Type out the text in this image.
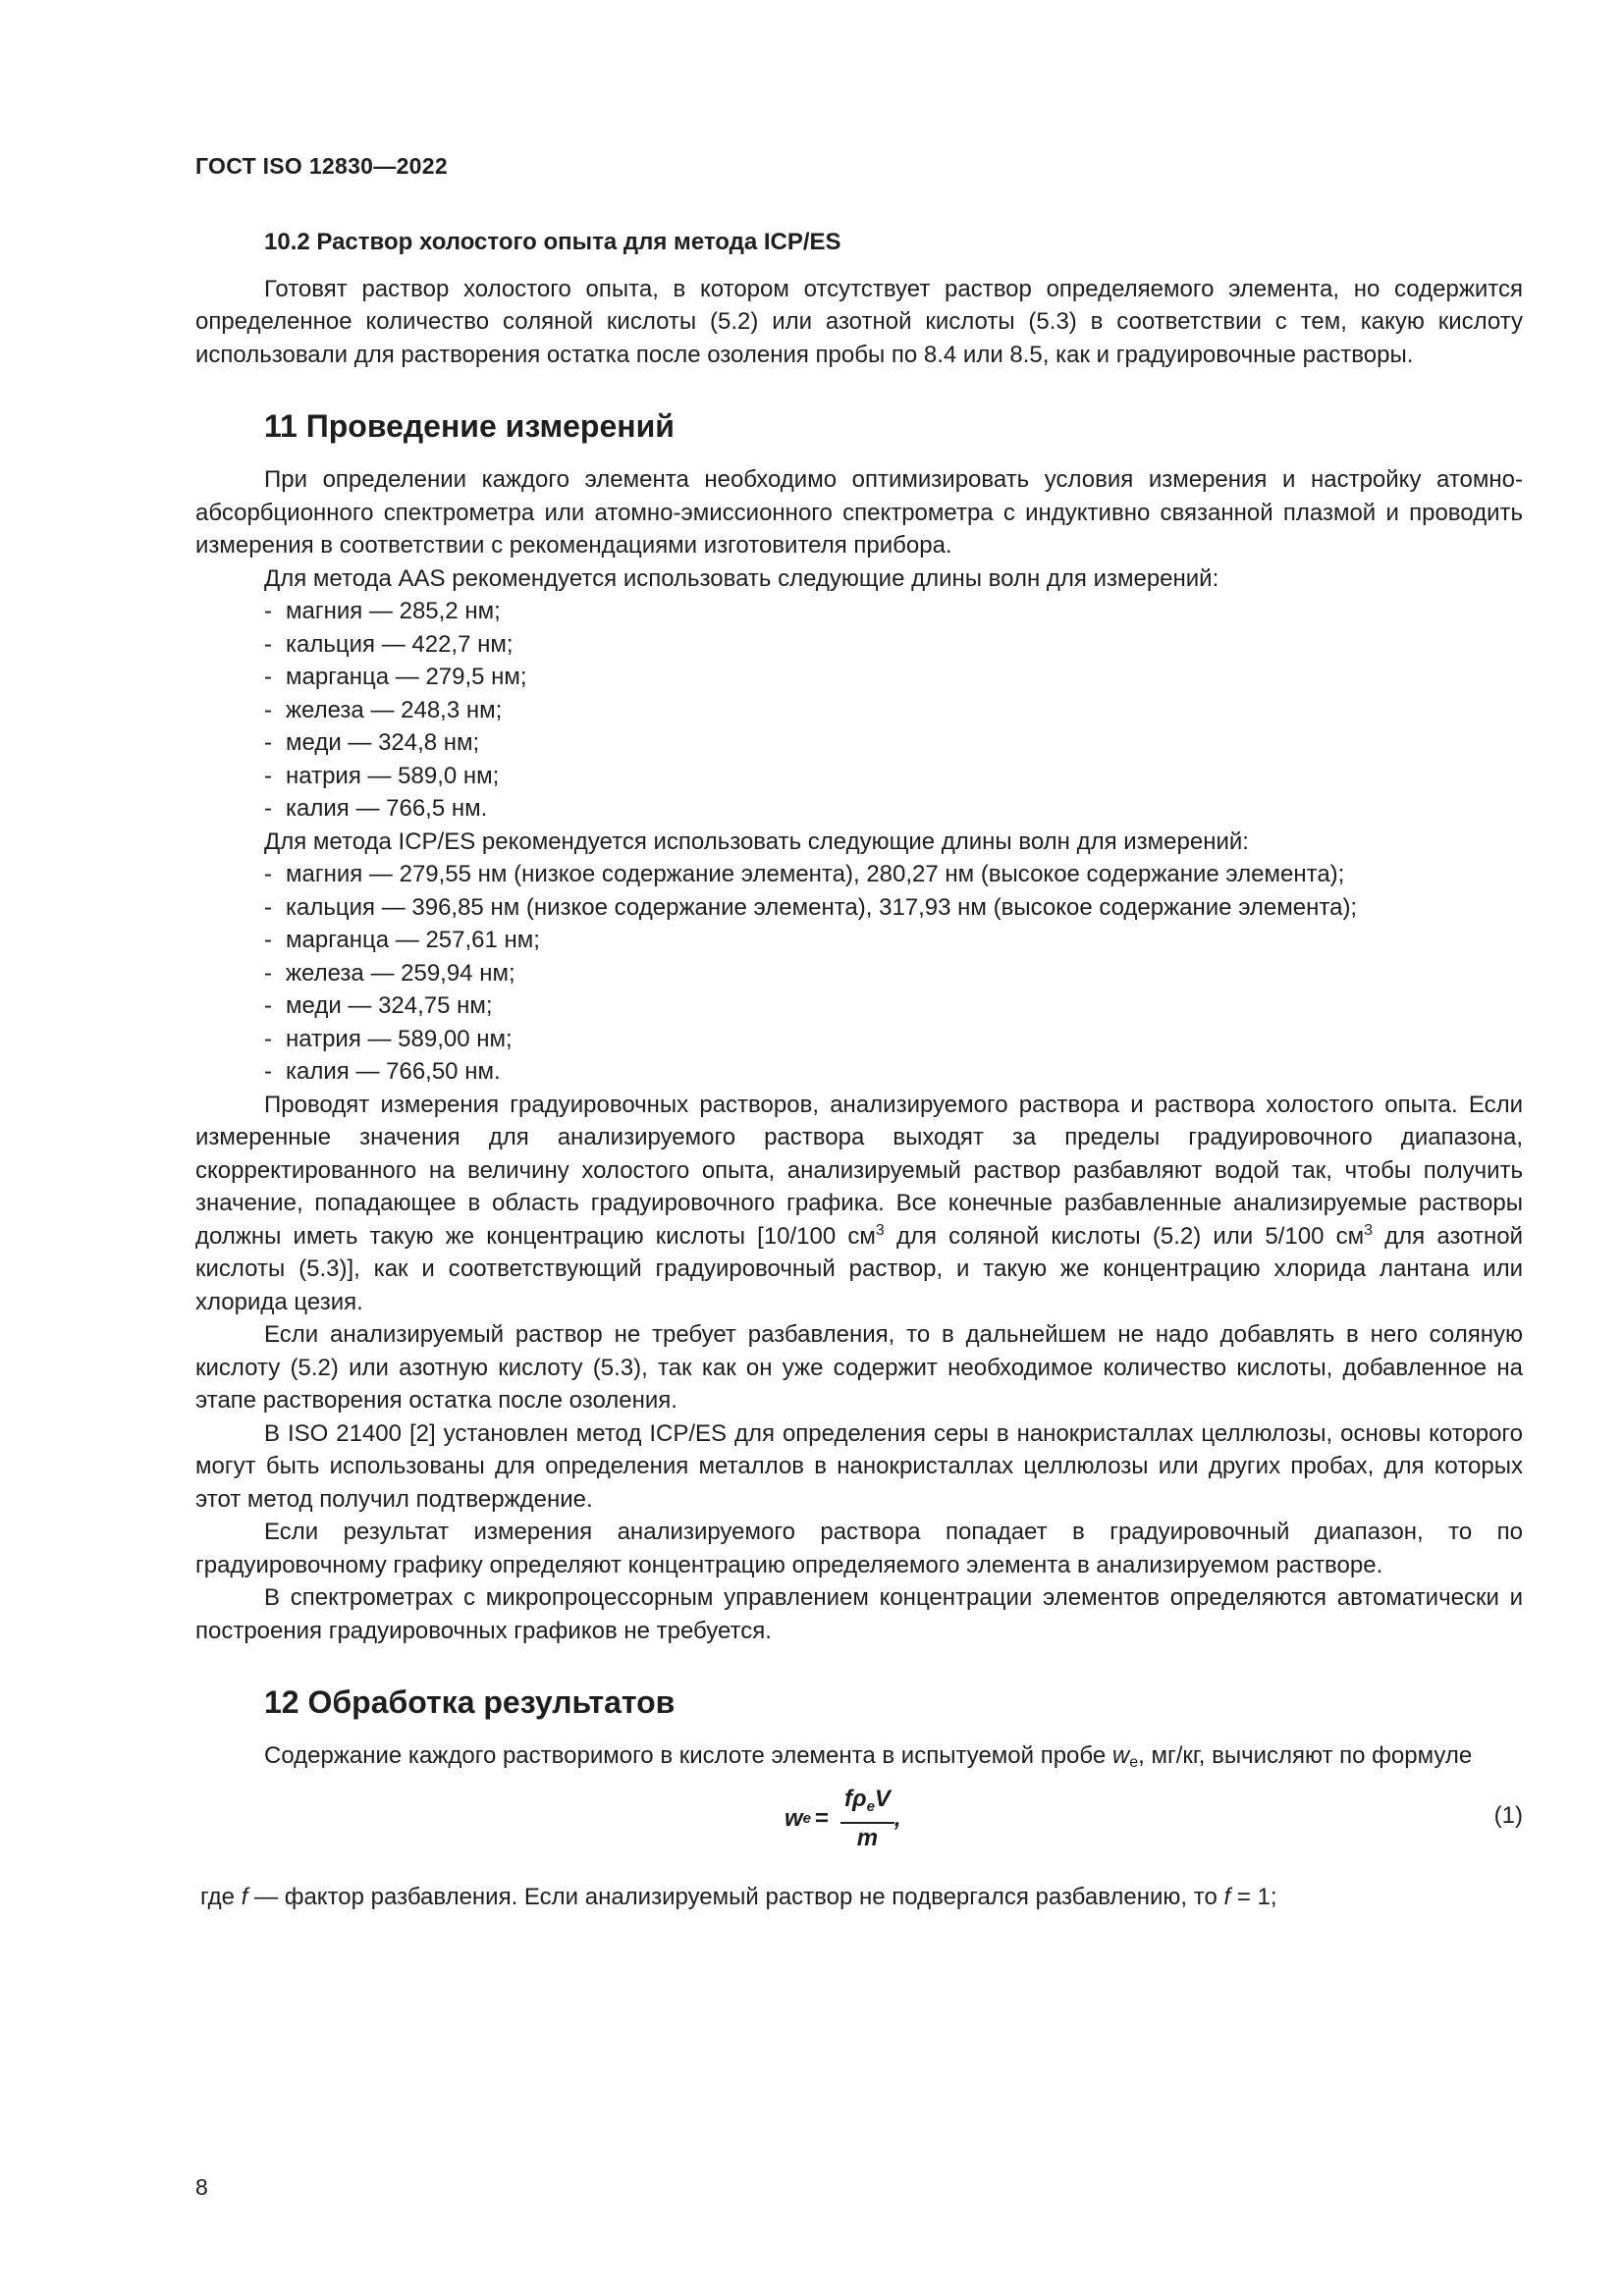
ГОСТ ISO 12830—2022
10.2 Раствор холостого опыта для метода ICP/ES

Готовят раствор холостого опыта, в котором отсутствует раствор определяемого элемента, но содержится определенное количество соляной кислоты (5.2) или азотной кислоты (5.3) в соответствии с тем, какую кислоту использовали для растворения остатка после озоления пробы по 8.4 или 8.5, как и градуировочные растворы.

11 Проведение измерений

При определении каждого элемента необходимо оптимизировать условия измерения и настройку атомно-абсорбционного спектрометра или атомно-эмиссионного спектрометра с индуктивно связанной плазмой и проводить измерения в соответствии с рекомендациями изготовителя прибора.

Для метода AAS рекомендуется использовать следующие длины волн для измерений:
- магния — 285,2 нм;
- кальция — 422,7 нм;
- марганца — 279,5 нм;
- железа — 248,3 нм;
- меди — 324,8 нм;
- натрия — 589,0 нм;
- калия — 766,5 нм.
Для метода ICP/ES рекомендуется использовать следующие длины волн для измерений:
- магния — 279,55 нм (низкое содержание элемента), 280,27 нм (высокое содержание элемента);
- кальция — 396,85 нм (низкое содержание элемента), 317,93 нм (высокое содержание элемента);
- марганца — 257,61 нм;
- железа — 259,94 нм;
- меди — 324,75 нм;
- натрия — 589,00 нм;
- калия — 766,50 нм.

Проводят измерения градуировочных растворов, анализируемого раствора и раствора холостого опыта. Если измеренные значения для анализируемого раствора выходят за пределы градуировочного диапазона, скорректированного на величину холостого опыта, анализируемый раствор разбавляют водой так, чтобы получить значение, попадающее в область градуировочного графика. Все конечные разбавленные анализируемые растворы должны иметь такую же концентрацию кислоты [10/100 $см^3$ для соляной кислоты (5.2) или 5/100 $см^3$ для азотной кислоты (5.3)], как и соответствующий градуировочный раствор, и такую же концентрацию хлорида лантана или хлорида цезия.

Если анализируемый раствор не требует разбавления, то в дальнейшем не надо добавлять в него соляную кислоту (5.2) или азотную кислоту (5.3), так как он уже содержит необходимое количество кислоты, добавленное на этапе растворения остатка после озоления.

В ISO 21400 [2] установлен метод ICP/ES для определения серы в нанокристаллах целлюлозы, основы которого могут быть использованы для определения металлов в нанокристаллах целлюлозы или других пробах, для которых этот метод получил подтверждение.

Если результат измерения анализируемого раствора попадает в градуировочный диапазон, то по градуировочному графику определяют концентрацию определяемого элемента в анализируемом растворе.

В спектрометрах с микропроцессорным управлением концентрации элементов определяются автоматически и построения градуировочных графиков не требуется.

12 Обработка результатов

Содержание каждого растворимого в кислоте элемента в испытуемой пробе we, мг/кг, вычисляют по формуле

w $e = \frac{f\rho_eV}{m}$ ,	(1)
где f — фактор разбавления. Если анализируемый раствор не подвергался разбавлению, то f = 1;
8
